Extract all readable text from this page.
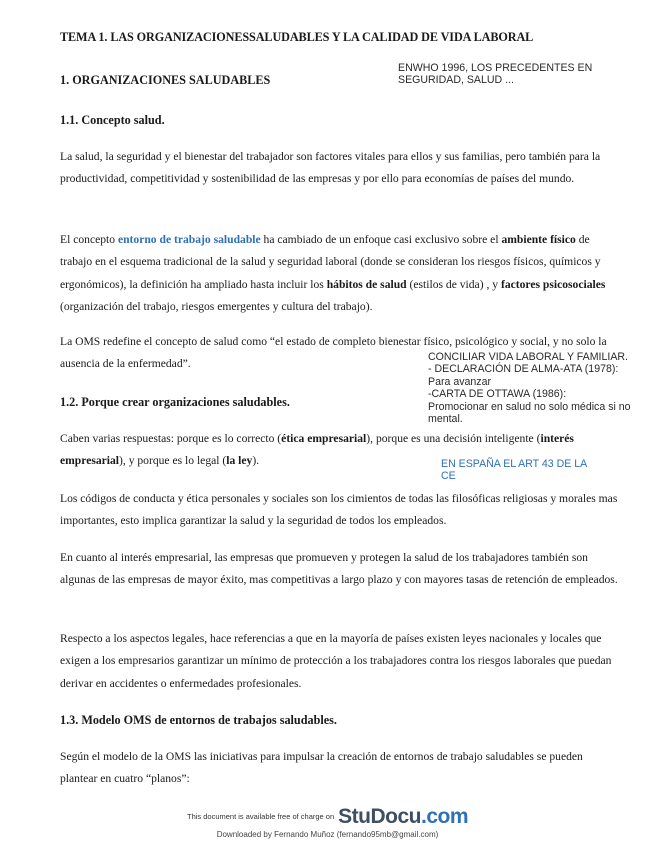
TEMA 1. LAS ORGANIZACIONESSALUDABLES Y LA CALIDAD DE VIDA LABORAL
1. ORGANIZACIONES SALUDABLES
ENWHO 1996, LOS PRECEDENTES EN SEGURIDAD, SALUD ...
1.1. Concepto salud.
La salud, la seguridad y el bienestar del trabajador son factores vitales para ellos y sus familias, pero también para la productividad, competitividad y sostenibilidad de las empresas y por ello para economías de países del mundo.
El concepto entorno de trabajo saludable ha cambiado de un enfoque casi exclusivo sobre el ambiente físico de trabajo en el esquema tradicional de la salud y seguridad laboral (donde se consideran los riesgos físicos, químicos y ergonómicos), la definición ha ampliado hasta incluir los hábitos de salud (estilos de vida) , y factores psicosociales (organización del trabajo, riesgos emergentes y cultura del trabajo).
La OMS redefine el concepto de salud como “el estado de completo bienestar físico, psicológico y social, y no solo la ausencia de la enfermedad”.
CONCILIAR VIDA LABORAL Y FAMILIAR.
- DECLARACIÓN DE ALMA-ATA (1978):
Para avanzar
-CARTA DE OTTAWA (1986):
Promocionar en salud no solo médica si no mental.
1.2. Porque crear organizaciones saludables.
Caben varias respuestas: porque es lo correcto (ética empresarial), porque es una decisión inteligente (interés empresarial), y porque es lo legal (la ley).	EN ESPAÑA EL ART 43 DE LA CE
Los códigos de conducta y ética personales y sociales son los cimientos de todas las filosóficas religiosas y morales mas importantes, esto implica garantizar la salud y la seguridad de todos los empleados.
En cuanto al interés empresarial, las empresas que promueven y protegen la salud de los trabajadores también son algunas de las empresas de mayor éxito, mas competitivas a largo plazo y con mayores tasas de retención de empleados.
Respecto a los aspectos legales, hace referencias a que en la mayoría de países existen leyes nacionales y locales que exigen a los empresarios garantizar un mínimo de protección a los trabajadores contra los riesgos laborales que puedan derivar en accidentes o enfermedades profesionales.
1.3. Modelo OMS de entornos de trabajos saludables.
Según el modelo de la OMS las iniciativas para impulsar la creación de entornos de trabajo saludables se pueden plantear en cuatro “planos”:
$^{This document is available free of charge on}$ StuDocu.com
Downloaded by Fernando Muñoz (fernando95mb@gmail.com)
